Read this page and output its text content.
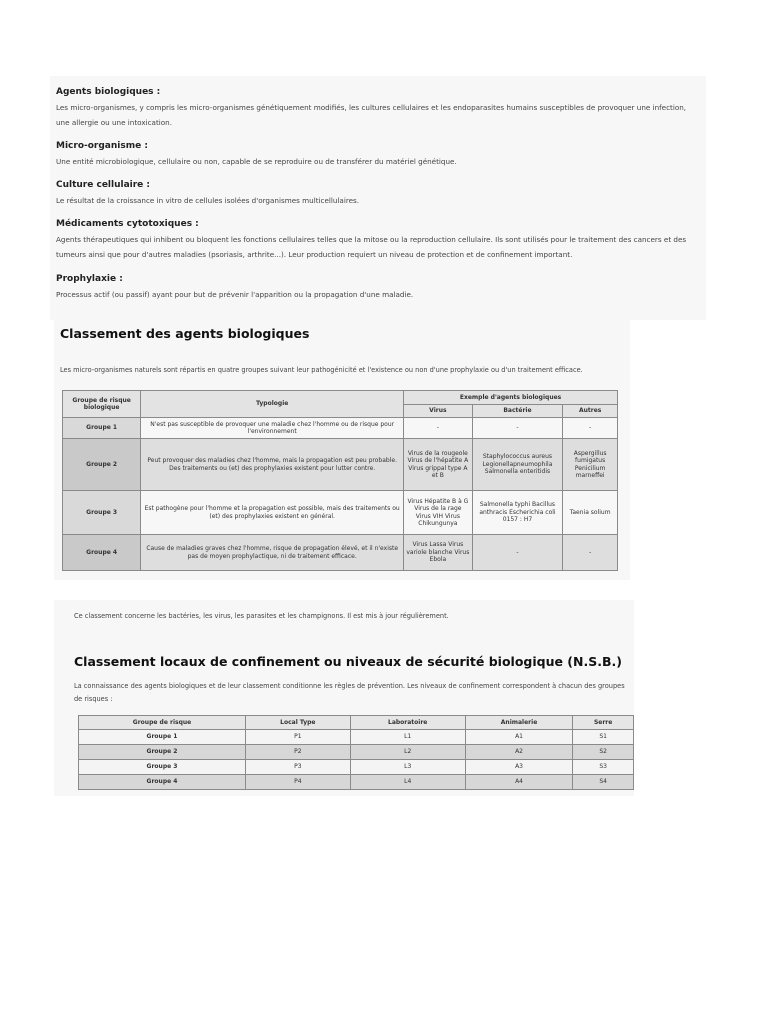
Agents biologiques :

Les micro-organismes, y compris les micro-organismes génétiquement modifiés, les cultures cellulaires et les endoparasites humains susceptibles de provoquer une infection, une allergie ou une intoxication.

Micro-organisme :

Une entité microbiologique, cellulaire ou non, capable de se reproduire ou de transférer du matériel génétique.

Culture cellulaire :

Le résultat de la croissance in vitro de cellules isolées d'organismes multicellulaires.

Médicaments cytotoxiques :

Agents thérapeutiques qui inhibent ou bloquent les fonctions cellulaires telles que la mitose ou la reproduction cellulaire. Ils sont utilisés pour le traitement des cancers et des tumeurs ainsi que pour d'autres maladies (psoriasis, arthrite...). Leur production requiert un niveau de protection et de confinement important.

Prophylaxie :

Processus actif (ou passif) ayant pour but de prévenir l'apparition ou la propagation d'une maladie.

Classement des agents biologiques
Les micro-organismes naturels sont répartis en quatre groupes suivant leur pathogénicité et l'existence ou non d'une prophylaxie ou d'un traitement efficace.
Groupe de risque biologique	Typologie	Exemple d'agents biologiques		
		Virus	Bactérie	Autres
Groupe 1	N'est pas susceptible de provoquer une maladie chez l'homme ou de risque pour l'environnement	-	-	-
Groupe 2	Peut provoquer des maladies chez l'homme, mais la propagation est peu probable. Des traitements ou (et) des prophylaxies existent pour lutter contre.	Virus de la rougeole Virus de l'hépatite A Virus grippal type A et B	Staphylococcus aureus Legionellapneumophila Salmonella enteritidis	Aspergillus fumigatus Penicilium marneffei
Groupe 3	Est pathogène pour l'homme et la propagation est possible, mais des traitements ou (et) des prophylaxies existent en général.	Virus Hépatite B à G Virus de la rage Virus VIH Virus Chikungunya	Salmonella typhi Bacillus anthracis Escherichia coli 0157 : H7	Taenia solium
Groupe 4	Cause de maladies graves chez l'homme, risque de propagation élevé, et il n'existe pas de moyen prophylactique, ni de traitement efficace.	Virus Lassa Virus variole blanche Virus Ebola	-	-
Ce classement concerne les bactéries, les virus, les parasites et les champignons. Il est mis à jour régulièrement.
Classement locaux de confinement ou niveaux de sécurité biologique (N.S.B.)
La connaissance des agents biologiques et de leur classement conditionne les règles de prévention. Les niveaux de confinement correspondent à chacun des groupes de risques :
Groupe de risque	Local Type	Laboratoire	Animalerie	Serre
Groupe 1	P1	L1	A1	S1
Groupe 2	P2	L2	A2	S2
Groupe 3	P3	L3	A3	S3
Groupe 4	P4	L4	A4	S4
